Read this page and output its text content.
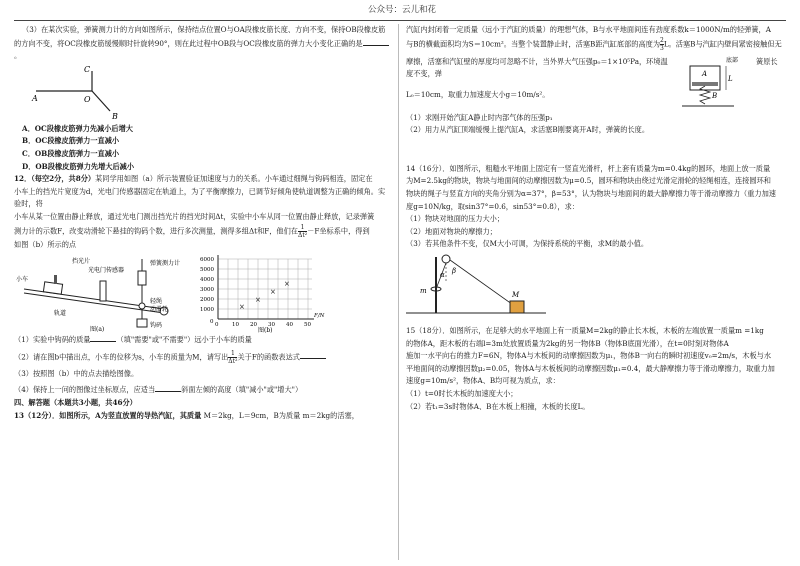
公众号：云儿和花

（3）在某次实验，弹簧测力计的方向如图所示，保持结点位置O与OA段橡皮筋长度、方向不变，保持OB段橡皮筋

的方向不变，将OC段橡皮筋缓慢顺时针旋转90°，则在此过程中OB段与OC段橡皮筋的弹力大小变化正确的是。

A
C
O
B

A．OC段橡皮筋弹力先减小后增大

B．OC段橡皮筋弹力一直减小

C．OB段橡皮筋弹力一直减小

D．OB段橡皮筋弹力先增大后减小

12．（每空2分，共8分）某同学用如图（a）所示装置验证加速度与力的关系。小车通过细绳与钩码相连，固定在

小车上的挡光片宽度为d，光电门传感器固定在轨道上，为了平衡摩擦力，已调节好倾角使轨道调整为正确的倾角。实验时，将

小车从某一位置由静止释放，通过光电门测出挡光片的挡光时间Δt，实验中小车从同一位置由静止释放，记录弹簧

测力计的示数F，改变动滑轮下悬挂的钩码个数，进行多次测量，测得多组Δt和F，他们在 $\frac{1}{\text{Δt²}} -F$坐标系中，得到

如图（b）所示的点

挡光片
光电门传感器
弹簧测力计
小车
轨道
轻绳
动滑轮
钩码
图(a)
6000
5000
4000
3000
2000
1000
0 0 10 20 30 40 50
F/N
×
×
×
×
图(b)

（1）实验中钩码的质量	（填"需要"或"不需要"）远小于小车的质量

（2）请在图b中描出点，小车的位移为s，小车的质量为M，请写出 $\frac{1}{\text{Δt²}}$ 关于F的函数表达式

（3）按照图（b）中的点去描绘图像。

（4）保持上一问的图像过坐标原点，应适当	斜面左倾的高度（填"减小"或"增大"）

四、解答题（本题共3小题，共46分）

13（12分）．如图所示，A为竖直放置的导热汽缸，其质量 M＝2kg，L＝9cm，B为质量 m＝2kg的活塞，

汽缸内封闭着一定质量（远小于汽缸的质量）的理想气体，B与水平地面间连有劲度系数k＝1000N/m的轻弹簧，A

与B的横截面积均为S＝10cm²。当整个装置静止时，活塞B距汽缸底部的高度为 $\frac{2}{3}$ L。活塞B与汽缸内壁间紧密接触但无

摩擦，活塞和汽缸壁的厚度均可忽略不计，当外界大气压强p₀＝1×10⁵Pa，环境温度不变，弹

L₀＝10cm，取重力加速度大小g＝10m/s²。

簧原长
A
B
L
底部

（1）求刚开始汽缸A静止时内部气体的压强p₁

（2）用力从汽缸顶端缓慢上提汽缸A，求活塞B刚要离开A时，弹簧的长度。

14（16分）．如图所示，粗糙水平地面上固定有一竖直光滑杆，杆上套有质量为m=0.4kg的圆环，地面上放一质量

为M=2.5kg的物块，物块与地面间的动摩擦因数为μ=0.5，圆环和物块由绕过光滑定滑轮的轻绳相连，连接圆环和

物块的绳子与竖直方向的夹角分别为α=37°，β=53°，认为物块与地面间的最大静摩擦力等于滑动摩擦力（重力加速

度g=10N/kg，取sin37°=0.6，sin53°=0.8），求：

（1）物块对地面的压力大小；

（2）地面对物块的摩擦力；

（3）若其他条件不变，仅M大小可调，为保持系统的平衡，求M的最小值。

α β
m	M

15（18分）．如图所示，在足够大的水平地面上有一质量M=2kg的静止长木板，木板的左端放置一质量m =1kg

的物体A，距木板的右端l=3m处放置质量为2kg的另一物体B（物体B底面光滑），在t=0时刻对物体A

施加一水平向右的推力F=6N，物体A与木板间的动摩擦因数为μ₁，物体B一向右的瞬时初速度v₀=2m/s，木板与水

平地面间的动摩擦因数μ₂=0.05，物体A与木板板间的动摩擦因数μ₁=0.4，最大静摩擦力等于滑动摩擦力，取重力加

速度g=10m/s²，物体A、B均可视为质点，求：

（1）t=0时长木板的加速度大小；

（2）若t₁=3s时物体A、B在木板上相撞，木板的长度L。
